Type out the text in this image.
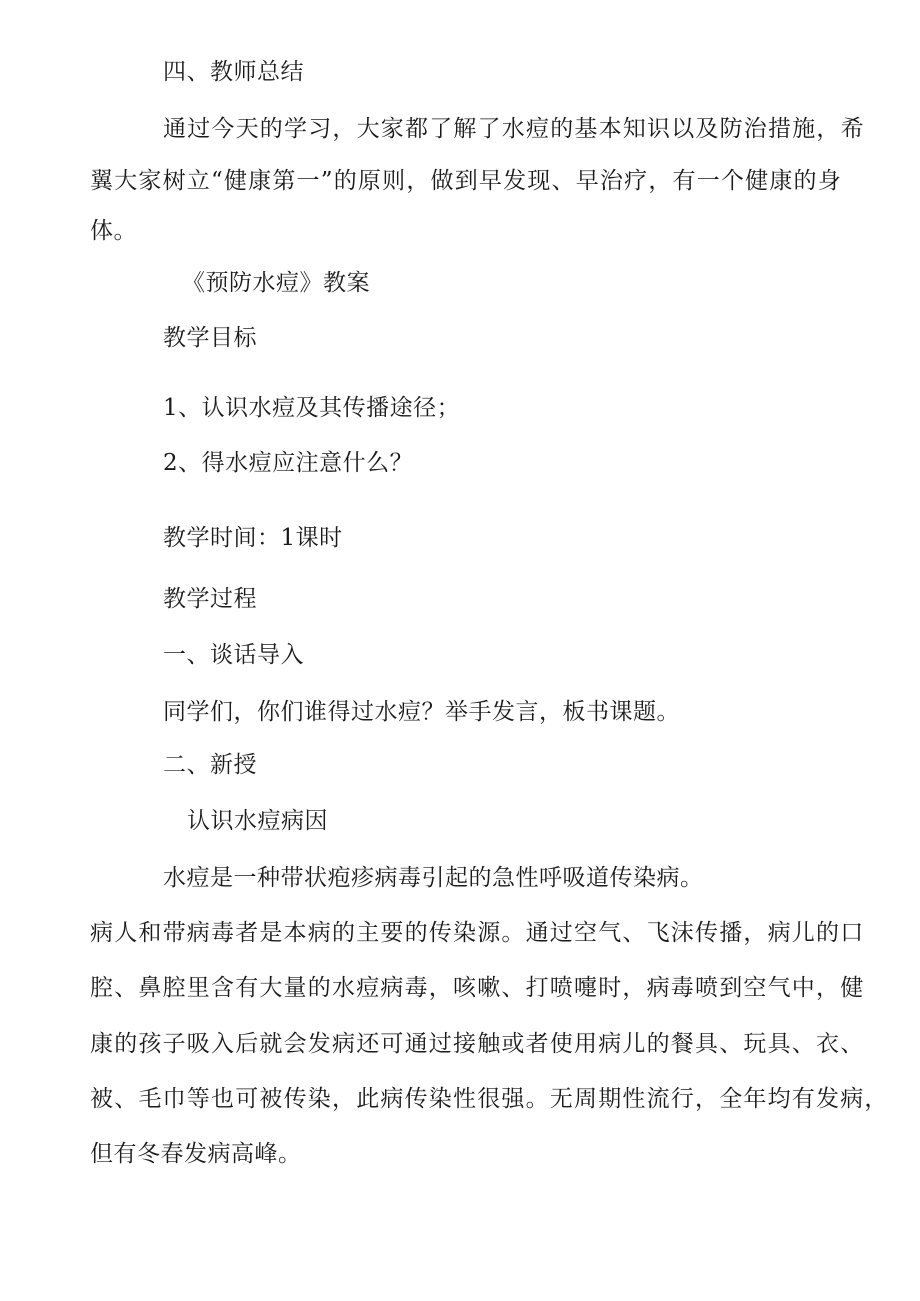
四、教师总结
通过今天的学习，大家都了解了水痘的基本知识以及防治措施，希
翼大家树立“健康第一”的原则，做到早发现、早治疗，有一个健康的身
体。
《预防水痘》教案
教学目标
1、认识水痘及其传播途径；
2、得水痘应注意什么？
教学时间：1课时
教学过程
一、谈话导入
同学们，你们谁得过水痘？举手发言，板书课题。
二、新授
认识水痘病因
水痘是一种带状疱疹病毒引起的急性呼吸道传染病。
病人和带病毒者是本病的主要的传染源。通过空气、飞沫传播，病儿的口
腔、鼻腔里含有大量的水痘病毒，咳嗽、打喷嚏时，病毒喷到空气中，健
康的孩子吸入后就会发病还可通过接触或者使用病儿的餐具、玩具、衣、
被、毛巾等也可被传染，此病传染性很强。无周期性流行，全年均有发病，
但有冬春发病高峰。
